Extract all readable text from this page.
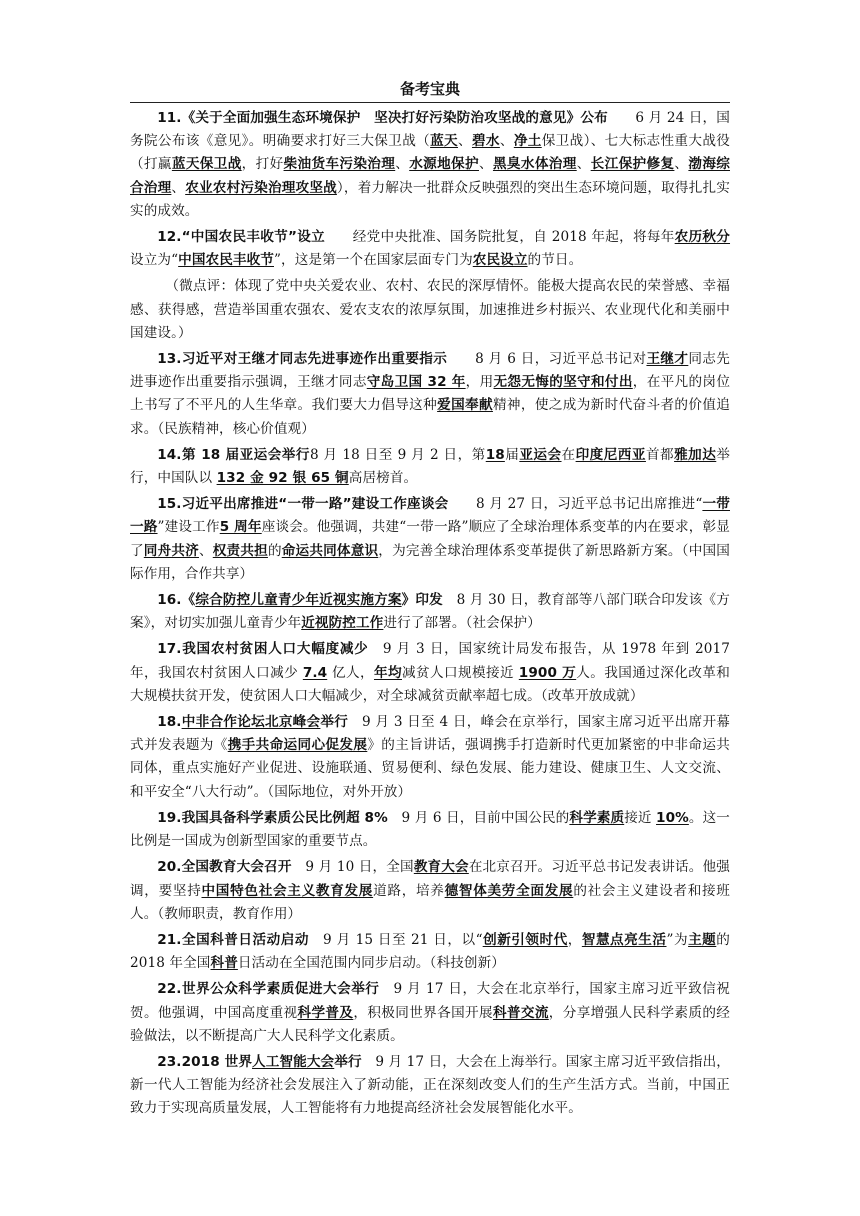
备考宝典

11.《关于全面加强生态环境保护　坚决打好污染防治攻坚战的意见》公布　　6 月 24 日，国务院公布该《意见》。明确要求打好三大保卫战（蓝天、碧水、净土保卫战）、七大标志性重大战役（打赢蓝天保卫战，打好柴油货车污染治理、水源地保护、黑臭水体治理、长江保护修复、渤海综合治理、农业农村污染治理攻坚战），着力解决一批群众反映强烈的突出生态环境问题，取得扎扎实实的成效。

12.“中国农民丰收节”设立　　经党中央批准、国务院批复，自 2018 年起，将每年农历秋分设立为“中国农民丰收节”，这是第一个在国家层面专门为农民设立的节日。

（微点评：体现了党中央关爱农业、农村、农民的深厚情怀。能极大提高农民的荣誉感、幸福感、获得感，营造举国重农强农、爱农支农的浓厚氛围，加速推进乡村振兴、农业现代化和美丽中国建设。）

13.习近平对王继才同志先进事迹作出重要指示　　8 月 6 日，习近平总书记对王继才同志先进事迹作出重要指示强调，王继才同志守岛卫国 32 年，用无怨无悔的坚守和付出，在平凡的岗位上书写了不平凡的人生华章。我们要大力倡导这种爱国奉献精神，使之成为新时代奋斗者的价值追求。（民族精神，核心价值观）

14.第 18 届亚运会举行8 月 18 日至 9 月 2 日，第18届亚运会在印度尼西亚首都雅加达举行，中国队以 132 金 92 银 65 铜高居榜首。

15.习近平出席推进“一带一路”建设工作座谈会　　8 月 27 日，习近平总书记出席推进“一带一路”建设工作5 周年座谈会。他强调，共建“一带一路”顺应了全球治理体系变革的内在要求，彰显了同舟共济、权责共担的命运共同体意识，为完善全球治理体系变革提供了新思路新方案。（中国国际作用，合作共享）

16.《综合防控儿童青少年近视实施方案》印发　8 月 30 日，教育部等八部门联合印发该《方案》，对切实加强儿童青少年近视防控工作进行了部署。（社会保护）

17.我国农村贫困人口大幅度减少　9 月 3 日，国家统计局发布报告，从 1978 年到 2017 年，我国农村贫困人口减少 7.4 亿人，年均减贫人口规模接近 1900 万人。我国通过深化改革和大规模扶贫开发，使贫困人口大幅减少，对全球减贫贡献率超七成。（改革开放成就）

18.中非合作论坛北京峰会举行　9 月 3 日至 4 日，峰会在京举行，国家主席习近平出席开幕式并发表题为《携手共命运同心促发展》的主旨讲话，强调携手打造新时代更加紧密的中非命运共同体，重点实施好产业促进、设施联通、贸易便利、绿色发展、能力建设、健康卫生、人文交流、和平安全“八大行动”。（国际地位，对外开放）

19.我国具备科学素质公民比例超 8%　9 月 6 日，目前中国公民的科学素质接近 10%。这一比例是一国成为创新型国家的重要节点。

20.全国教育大会召开　9 月 10 日，全国教育大会在北京召开。习近平总书记发表讲话。他强调，要坚持中国特色社会主义教育发展道路，培养德智体美劳全面发展的社会主义建设者和接班人。（教师职责，教育作用）

21.全国科普日活动启动　9 月 15 日至 21 日，以“创新引领时代，智慧点亮生活”为主题的 2018 年全国科普日活动在全国范围内同步启动。（科技创新）

22.世界公众科学素质促进大会举行　9 月 17 日，大会在北京举行，国家主席习近平致信祝贺。他强调，中国高度重视科学普及，积极同世界各国开展科普交流，分享增强人民科学素质的经验做法，以不断提高广大人民科学文化素质。

23.2018 世界人工智能大会举行　9 月 17 日，大会在上海举行。国家主席习近平致信指出，新一代人工智能为经济社会发展注入了新动能，正在深刻改变人们的生产生活方式。当前，中国正致力于实现高质量发展，人工智能将有力地提高经济社会发展智能化水平。
